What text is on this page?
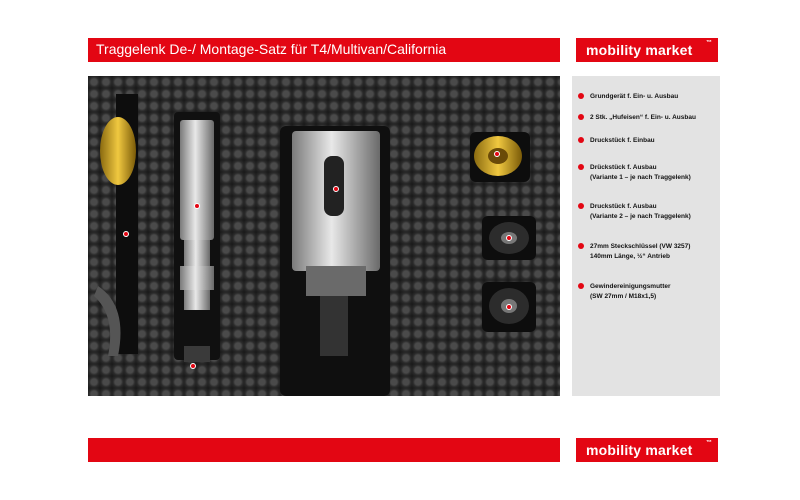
Traggelenk De-/ Montage-Satz für T4/Multivan/California	mobility market ™
Grundgerät f. Ein- u. Ausbau
2 Stk. „Hufeisen“ f. Ein- u. Ausbau
Druckstück f. Einbau
Drückstück f. Ausbau
(Variante 1 – je nach Traggelenk)
Druckstück f. Ausbau
(Variante 2 – je nach Traggelenk)
27mm Steckschlüssel (VW 3257)
140mm Länge, ½“ Antrieb
Gewindereinigungsmutter
(SW 27mm / M18x1,5)
mobility market ™
